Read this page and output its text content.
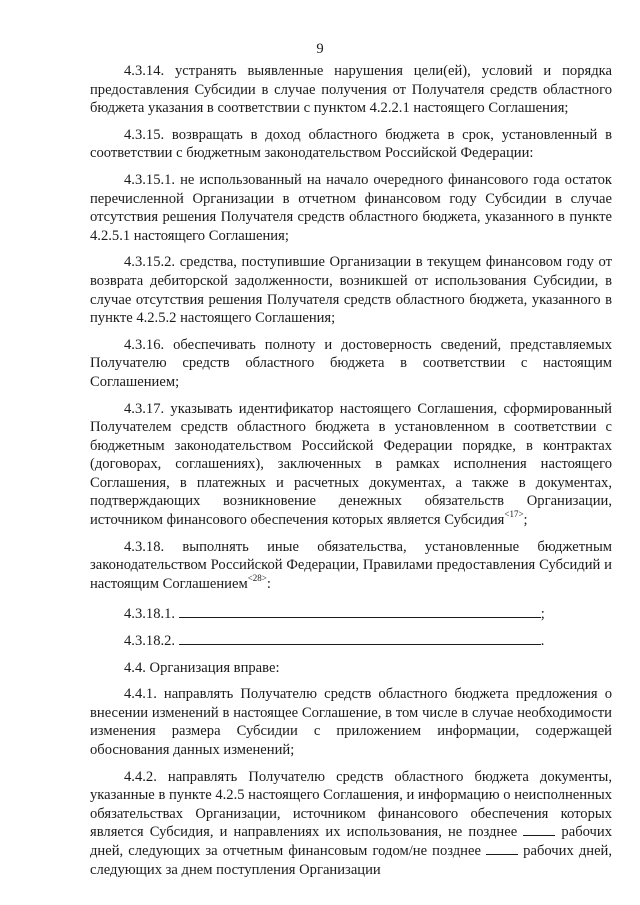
9

4.3.14. устранять выявленные нарушения цели(ей), условий и порядка предоставления Субсидии в случае получения от Получателя средств областного бюджета указания в соответствии с пунктом 4.2.2.1 настоящего Соглашения;

4.3.15. возвращать в доход областного бюджета в срок, установленный в соответствии с бюджетным законодательством Российской Федерации:

4.3.15.1. не использованный на начало очередного финансового года остаток перечисленной Организации в отчетном финансовом году Субсидии в случае отсутствия решения Получателя средств областного бюджета, указанного в пункте 4.2.5.1 настоящего Соглашения;

4.3.15.2. средства, поступившие Организации в текущем финансовом году от возврата дебиторской задолженности, возникшей от использования Субсидии, в случае отсутствия решения Получателя средств областного бюджета, указанного в пункте 4.2.5.2 настоящего Соглашения;

4.3.16. обеспечивать полноту и достоверность сведений, представляемых Получателю средств областного бюджета в соответствии с настоящим Соглашением;

4.3.17. указывать идентификатор настоящего Соглашения, сформированный Получателем средств областного бюджета в установленном в соответствии с бюджетным законодательством Российской Федерации порядке, в контрактах (договорах, соглашениях), заключенных в рамках исполнения настоящего Соглашения, в платежных и расчетных документах, а также в документах, подтверждающих возникновение денежных обязательств Организации, источником финансового обеспечения которых является Субсидия$^{<17>}$;

4.3.18. выполнять иные обязательства, установленные бюджетным законодательством Российской Федерации, Правилами предоставления Субсидий и настоящим Соглашением$^{<28>}$:

4.3.18.1.	;
4.3.18.2.	.

4.4. Организация вправе:

4.4.1. направлять Получателю средств областного бюджета предложения о внесении изменений в настоящее Соглашение, в том числе в случае необходимости изменения размера Субсидии с приложением информации, содержащей обоснования данных изменений;

4.4.2. направлять Получателю средств областного бюджета документы, указанные в пункте 4.2.5 настоящего Соглашения, и информацию о неисполненных обязательствах Организации, источником финансового обеспечения которых является Субсидия, и направлениях их использования, не позднее	рабочих дней, следующих за отчетным финансовым годом/не позднее	рабочих дней, следующих за днем поступления Организации
